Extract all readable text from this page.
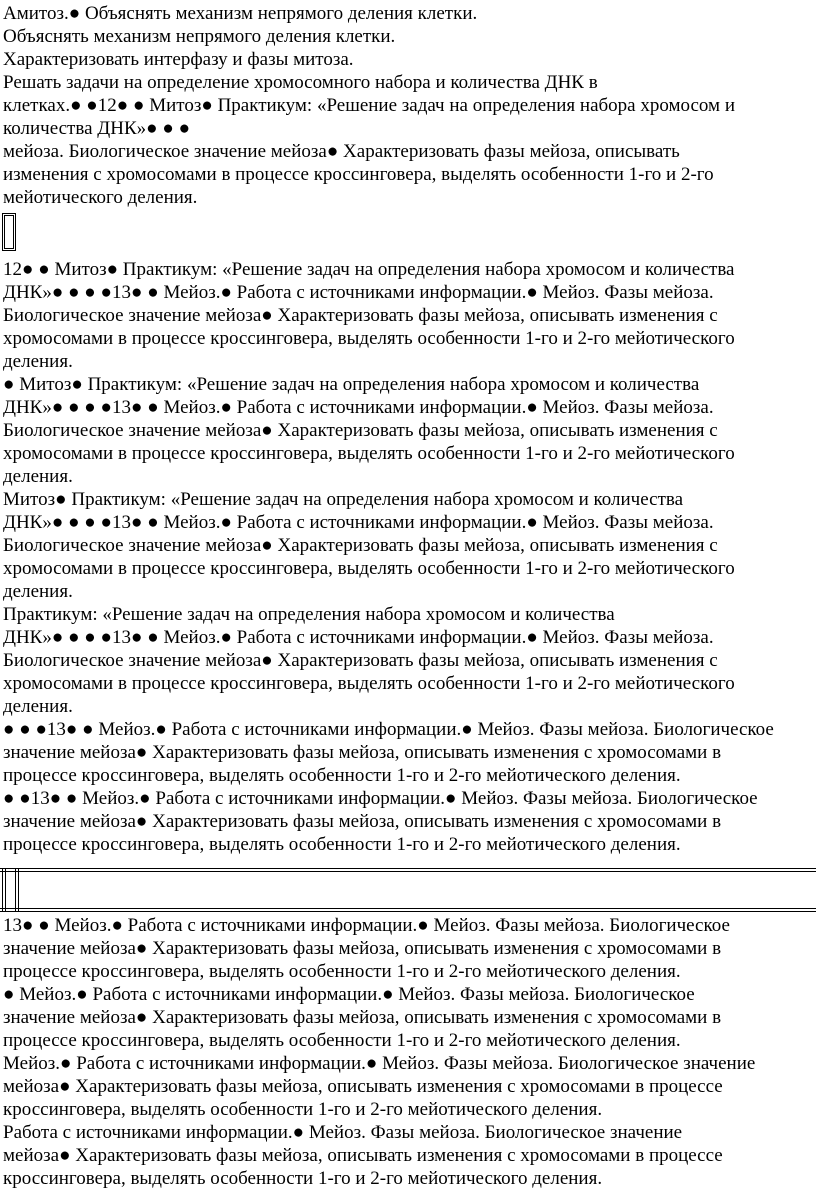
Амитоз.● Объяснять механизм непрямого деления клетки.

Объяснять механизм непрямого деления клетки.

Характеризовать интерфазу и фазы митоза.

Решать задачи на определение хромосомного набора и количества ДНК в

клетках.● ●12● ● Митоз● Практикум: «Решение задач на определения набора хромосом и

количества ДНК»● ● ●

мейоза. Биологическое значение мейоза● Характеризовать фазы мейоза, описывать

изменения с хромосомами в процессе кроссинговера, выделять особенности 1-го и 2-го

мейотического деления.

12● ● Митоз● Практикум: «Решение задач на определения набора хромосом и количества

ДНК»● ● ● ●13● ● Мейоз.● Работа с источниками информации.● Мейоз. Фазы мейоза.

Биологическое значение мейоза● Характеризовать фазы мейоза, описывать изменения с

хромосомами в процессе кроссинговера, выделять особенности 1-го и 2-го мейотического

деления.

● Митоз● Практикум: «Решение задач на определения набора хромосом и количества

ДНК»● ● ● ●13● ● Мейоз.● Работа с источниками информации.● Мейоз. Фазы мейоза.

Биологическое значение мейоза● Характеризовать фазы мейоза, описывать изменения с

хромосомами в процессе кроссинговера, выделять особенности 1-го и 2-го мейотического

деления.

Митоз● Практикум: «Решение задач на определения набора хромосом и количества

ДНК»● ● ● ●13● ● Мейоз.● Работа с источниками информации.● Мейоз. Фазы мейоза.

Биологическое значение мейоза● Характеризовать фазы мейоза, описывать изменения с

хромосомами в процессе кроссинговера, выделять особенности 1-го и 2-го мейотического

деления.

Практикум: «Решение задач на определения набора хромосом и количества

ДНК»● ● ● ●13● ● Мейоз.● Работа с источниками информации.● Мейоз. Фазы мейоза.

Биологическое значение мейоза● Характеризовать фазы мейоза, описывать изменения с

хромосомами в процессе кроссинговера, выделять особенности 1-го и 2-го мейотического

деления.

● ● ●13● ● Мейоз.● Работа с источниками информации.● Мейоз. Фазы мейоза. Биологическое

значение мейоза● Характеризовать фазы мейоза, описывать изменения с хромосомами в

процессе кроссинговера, выделять особенности 1-го и 2-го мейотического деления.

● ●13● ● Мейоз.● Работа с источниками информации.● Мейоз. Фазы мейоза. Биологическое

значение мейоза● Характеризовать фазы мейоза, описывать изменения с хромосомами в

процессе кроссинговера, выделять особенности 1-го и 2-го мейотического деления.

13● ● Мейоз.● Работа с источниками информации.● Мейоз. Фазы мейоза. Биологическое

значение мейоза● Характеризовать фазы мейоза, описывать изменения с хромосомами в

процессе кроссинговера, выделять особенности 1-го и 2-го мейотического деления.

● Мейоз.● Работа с источниками информации.● Мейоз. Фазы мейоза. Биологическое

значение мейоза● Характеризовать фазы мейоза, описывать изменения с хромосомами в

процессе кроссинговера, выделять особенности 1-го и 2-го мейотического деления.

Мейоз.● Работа с источниками информации.● Мейоз. Фазы мейоза. Биологическое значение

мейоза● Характеризовать фазы мейоза, описывать изменения с хромосомами в процессе

кроссинговера, выделять особенности 1-го и 2-го мейотического деления.

Работа с источниками информации.● Мейоз. Фазы мейоза. Биологическое значение

мейоза● Характеризовать фазы мейоза, описывать изменения с хромосомами в процессе

кроссинговера, выделять особенности 1-го и 2-го мейотического деления.
